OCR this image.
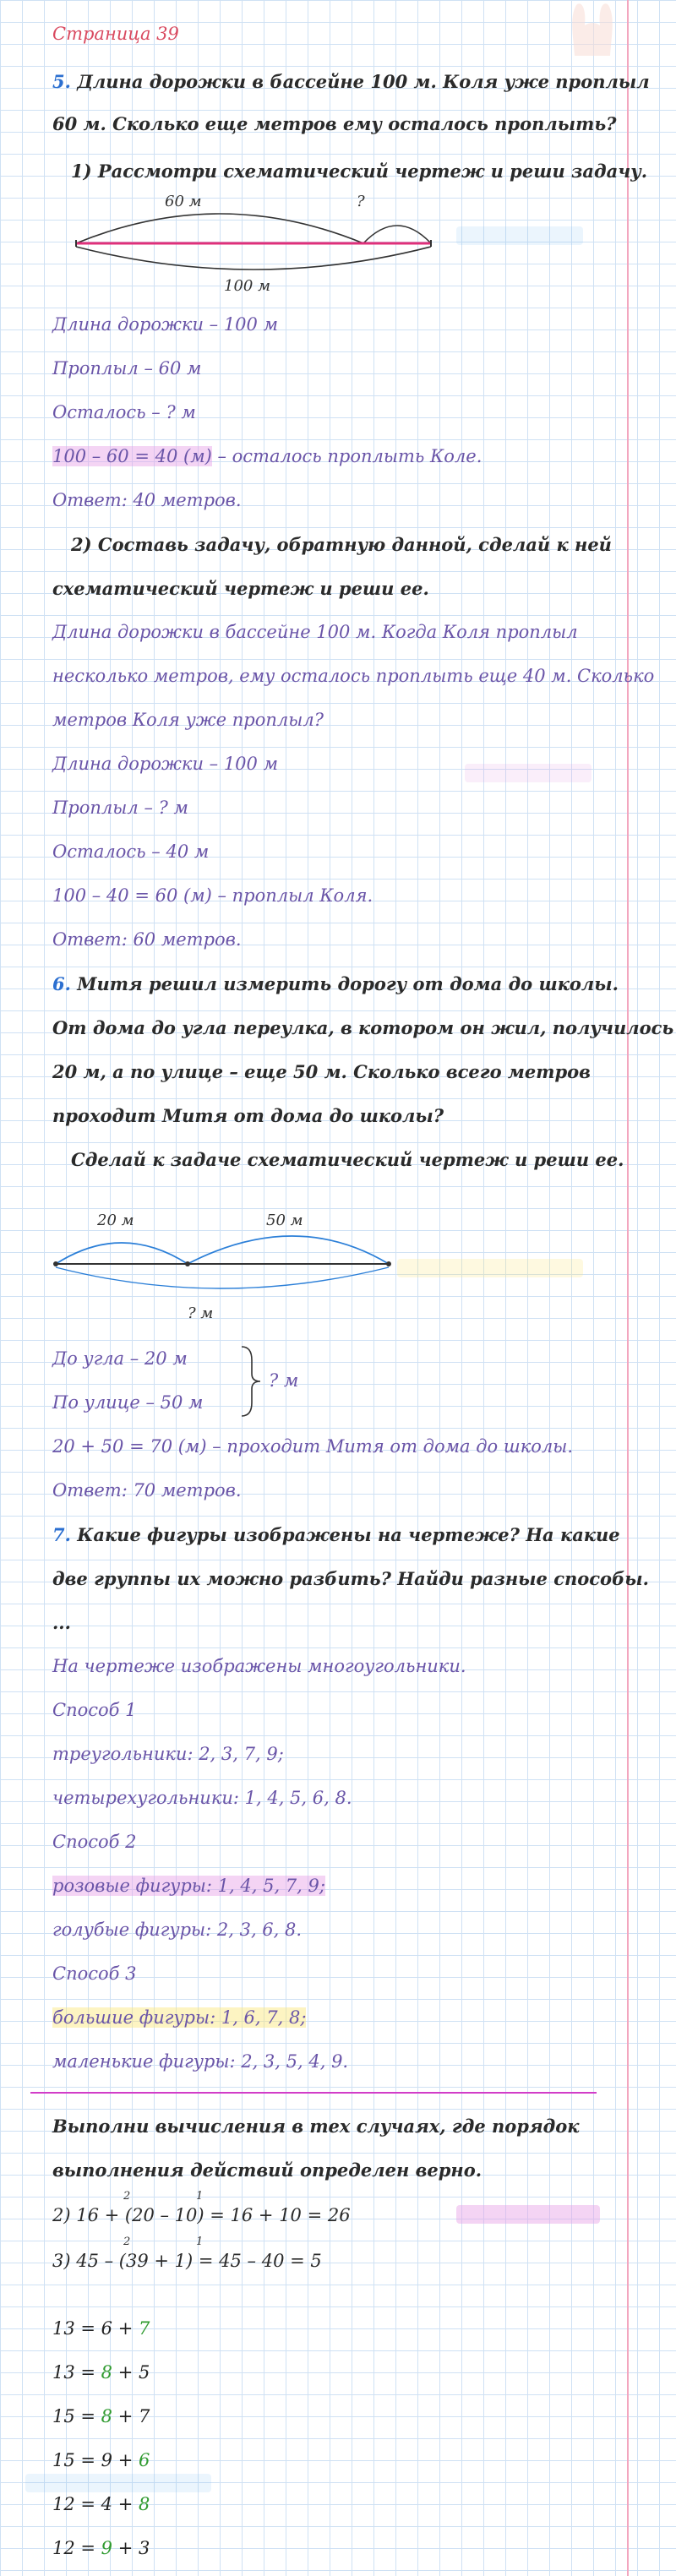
Страница 39
5. Длина дорожки в бассейне 100 м. Коля уже проплыл
60 м. Сколько еще метров ему осталось проплыть?
1) Рассмотри схематический чертеж и реши задачу.
60 м	?
100 м
Длина дорожки – 100 м
Проплыл – 60 м
Осталось – ? м
100 – 60 = 40 (м) – осталось проплыть Коле.
Ответ: 40 метров.
2) Составь задачу, обратную данной, сделай к ней
схематический чертеж и реши ее.
Длина дорожки в бассейне 100 м. Когда Коля проплыл
несколько метров, ему осталось проплыть еще 40 м. Сколько
метров Коля уже проплыл?
Длина дорожки – 100 м
Проплыл – ? м
Осталось – 40 м
100 – 40 = 60 (м) – проплыл Коля.
Ответ: 60 метров.
6. Митя решил измерить дорогу от дома до школы.
От дома до угла переулка, в котором он жил, получилось
20 м, а по улице – еще 50 м. Сколько всего метров
проходит Митя от дома до школы?
Сделай к задаче схематический чертеж и реши ее.
20 м	50 м
? м
До угла – 20 м
По улице – 50 м
? м
20 + 50 = 70 (м) – проходит Митя от дома до школы.
Ответ: 70 метров.
7. Какие фигуры изображены на чертеже? На какие
две группы их можно разбить? Найди разные способы.
...
На чертеже изображены многоугольники.
Способ 1
треугольники: 2, 3, 7, 9;
четырехугольники: 1, 4, 5, 6, 8.
Способ 2
розовые фигуры: 1, 4, 5, 7, 9;
голубые фигуры: 2, 3, 6, 8.
Способ 3
большие фигуры: 1, 6, 7, 8;
маленькие фигуры: 2, 3, 5, 4, 9.
Выполни вычисления в тех случаях, где порядок
выполнения действий определен верно.
2	1
2) 16 + (20 – 10) = 16 + 10 = 26
2	1
3) 45 – (39 + 1) = 45 – 40 = 5
13 = 6 + 7
13 = 8 + 5
15 = 8 + 7
15 = 9 + 6
12 = 4 + 8
12 = 9 + 3
